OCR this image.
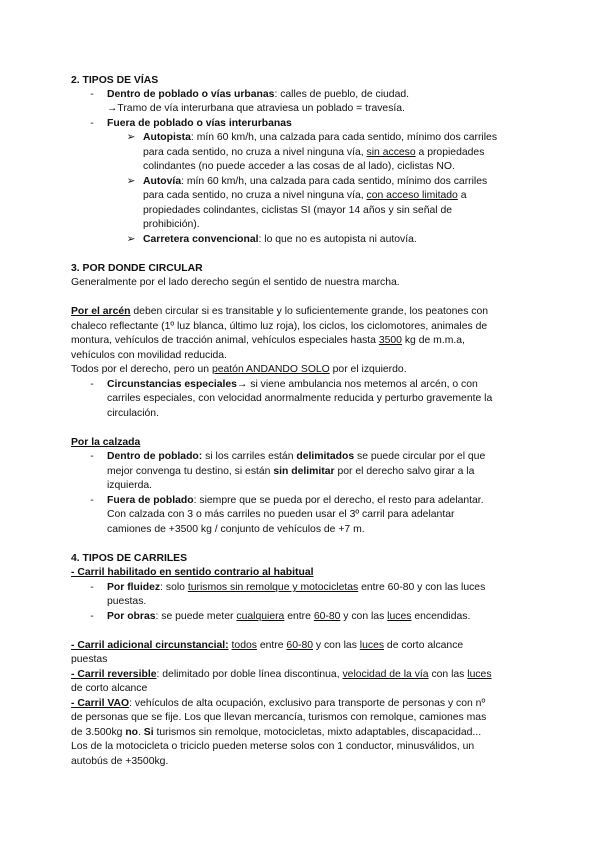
2. TIPOS DE VÍAS
-	Dentro de poblado o vías urbanas: calles de pueblo, de ciudad.
→Tramo de vía interurbana que atraviesa un poblado = travesía.
-	Fuera de poblado o vías interurbanas
➢ Autopista: mín 60 km/h, una calzada para cada sentido, mínimo dos carriles
para cada sentido, no cruza a nivel ninguna vía, sin acceso a propiedades
colindantes (no puede acceder a las cosas de al lado), ciclistas NO.
➢ Autovía: mín 60 km/h, una calzada para cada sentido, mínimo dos carriles
para cada sentido, no cruza a nivel ninguna vía, con acceso limitado a
propiedades colindantes, ciclistas SI (mayor 14 años y sin señal de
prohibición).
➢ Carretera convencional: lo que no es autopista ni autovía.
3. POR DONDE CIRCULAR
Generalmente por el lado derecho según el sentido de nuestra marcha.
Por el arcén deben circular si es transitable y lo suficientemente grande, los peatones con
chaleco reflectante (1º luz blanca, último luz roja), los ciclos, los ciclomotores, animales de
montura, vehículos de tracción animal, vehículos especiales hasta 3500 kg de m.m.a,
vehículos con movilidad reducida.
Todos por el derecho, pero un peatón ANDANDO SOLO por el izquierdo.
-	Circunstancias especiales→ si viene ambulancia nos metemos al arcén, o con
carriles especiales, con velocidad anormalmente reducida y perturbo gravemente la
circulación.
Por la calzada
-	Dentro de poblado: si los carriles están delimitados se puede circular por el que
mejor convenga tu destino, si están sin delimitar por el derecho salvo girar a la
izquierda.
-	Fuera de poblado: siempre que se pueda por el derecho, el resto para adelantar.
Con calzada con 3 o más carriles no pueden usar el 3º carril para adelantar
camiones de +3500 kg / conjunto de vehículos de +7 m.
4. TIPOS DE CARRILES
- Carril habilitado en sentido contrario al habitual
-	Por fluidez: solo turismos sin remolque y motocicletas entre 60-80 y con las luces
puestas.
-	Por obras: se puede meter cualquiera entre 60-80 y con las luces encendidas.
- Carril adicional circunstancial: todos entre 60-80 y con las luces de corto alcance
puestas
- Carril reversible: delimitado por doble línea discontinua, velocidad de la vía con las luces
de corto alcance
- Carril VAO: vehículos de alta ocupación, exclusivo para transporte de personas y con nº
de personas que se fije. Los que llevan mercancía, turismos con remolque, camiones mas
de 3.500kg no. Si turismos sin remolque, motocicletas, mixto adaptables, discapacidad...
Los de la motocicleta o triciclo pueden meterse solos con 1 conductor, minusválidos, un
autobús de +3500kg.
